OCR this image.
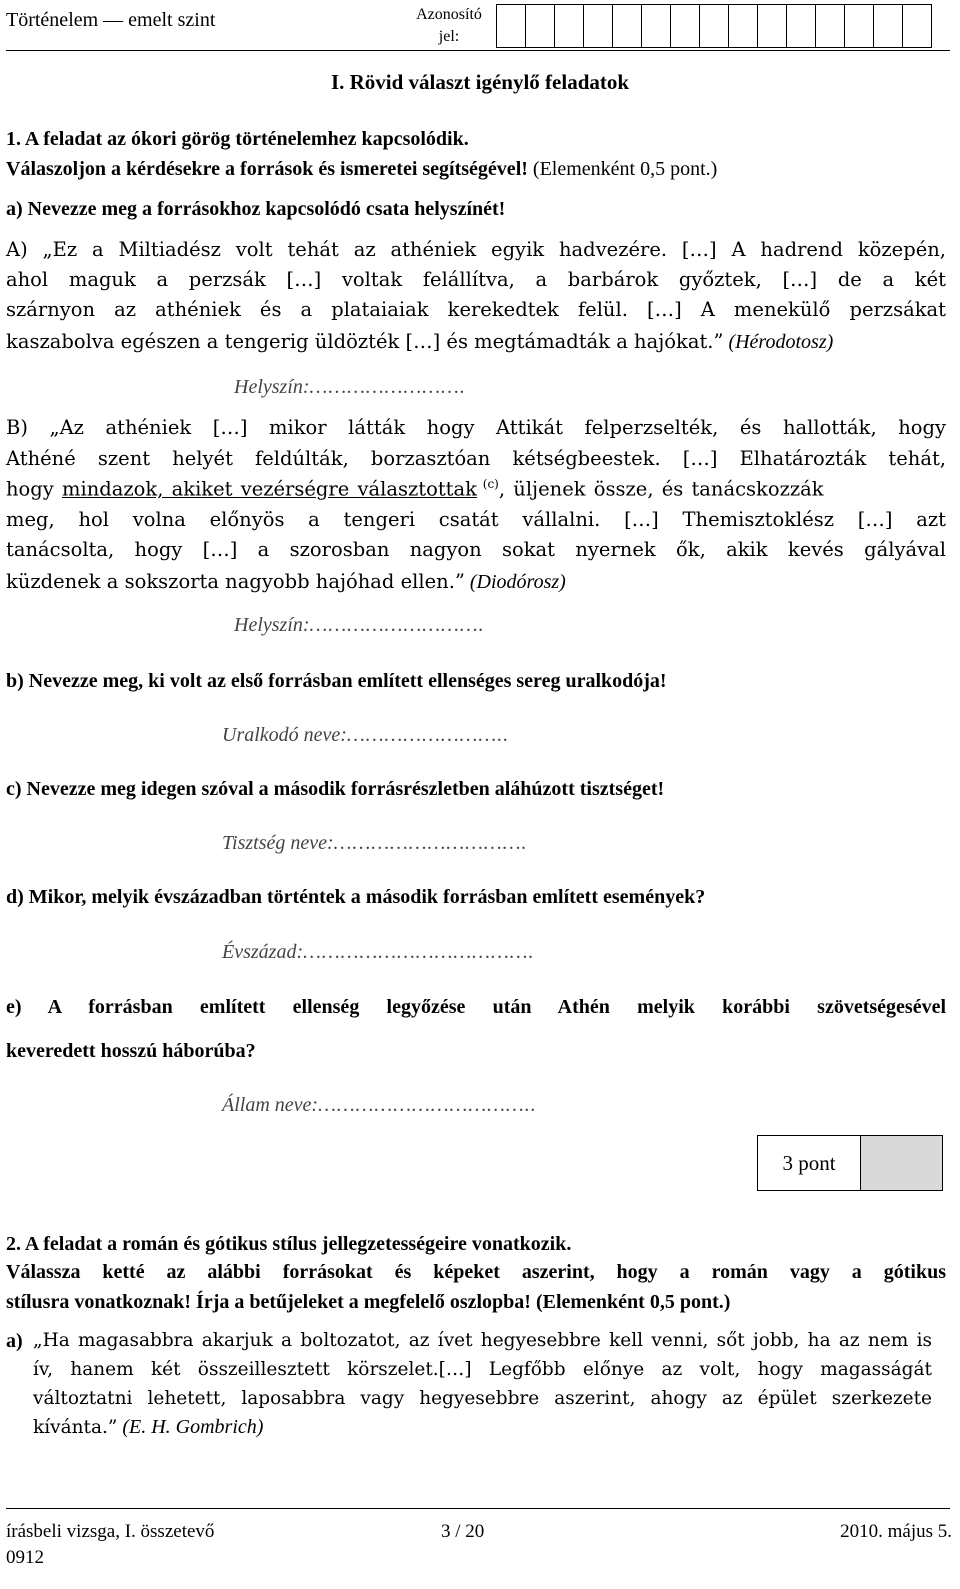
Történelem — emelt szint	Azonosító
jel:
I. Rövid választ igénylő feladatok
1. A feladat az ókori görög történelemhez kapcsolódik.
Válaszoljon a kérdésekre a források és ismeretei segítségével! (Elemenként 0,5 pont.)
a) Nevezze meg a forrásokhoz kapcsolódó csata helyszínét!
A) „Ez a Miltiadész volt tehát az athéniek egyik hadvezére. […] A hadrend közepén,
ahol maguk a perzsák […] voltak felállítva, a barbárok győztek, […] de a két
szárnyon az athéniek és a plataiaiak kerekedtek felül. […] A menekülő perzsákat
kaszabolva egészen a tengerig üldözték […] és megtámadták a hajókat.” (Hérodotosz)
Helyszín:…………………….
B) „Az athéniek […] mikor látták hogy Attikát felperzselték, és hallották, hogy
Athéné szent helyét feldúlták, borzasztóan kétségbeestek. […] Elhatározták tehát,
hogy mindazok, akiket vezérségre választottak $^{(c)}$, üljenek össze, és tanácskozzák
meg, hol volna előnyös a tengeri csatát vállalni. […] Themisztoklész […] azt
tanácsolta, hogy […] a szorosban nagyon sokat nyernek ők, akik kevés gályával
küzdenek a sokszorta nagyobb hajóhad ellen.” (Diodórosz)
Helyszín:……………………….
b) Nevezze meg, ki volt az első forrásban említett ellenséges sereg uralkodója!
Uralkodó neve:……………………..
c) Nevezze meg idegen szóval a második forrásrészletben aláhúzott tisztséget!
Tisztség neve:………………………….
d) Mikor, melyik évszázadban történtek a második forrásban említett események?
Évszázad:……………………………….
e) A forrásban említett ellenség legyőzése után Athén melyik korábbi szövetségesével
keveredett hosszú háborúba?
Állam neve:……………………………..
3 pont
2. A feladat a román és gótikus stílus jellegzetességeire vonatkozik.
Válassza ketté az alábbi forrásokat és képeket aszerint, hogy a román vagy a gótikus
stílusra vonatkoznak! Írja a betűjeleket a megfelelő oszlopba! (Elemenként 0,5 pont.)
a) „Ha magasabbra akarjuk a boltozatot, az ívet hegyesebbre kell venni, sőt jobb, ha az nem is
ív, hanem két összeillesztett körszelet.[…] Legfőbb előnye az volt, hogy magasságát
változtatni lehetett, laposabbra vagy hegyesebbre aszerint, ahogy az épület szerkezete
kívánta.” (E. H. Gombrich)
írásbeli vizsga, I. összetevő	3 / 20	2010. május 5.
0912
